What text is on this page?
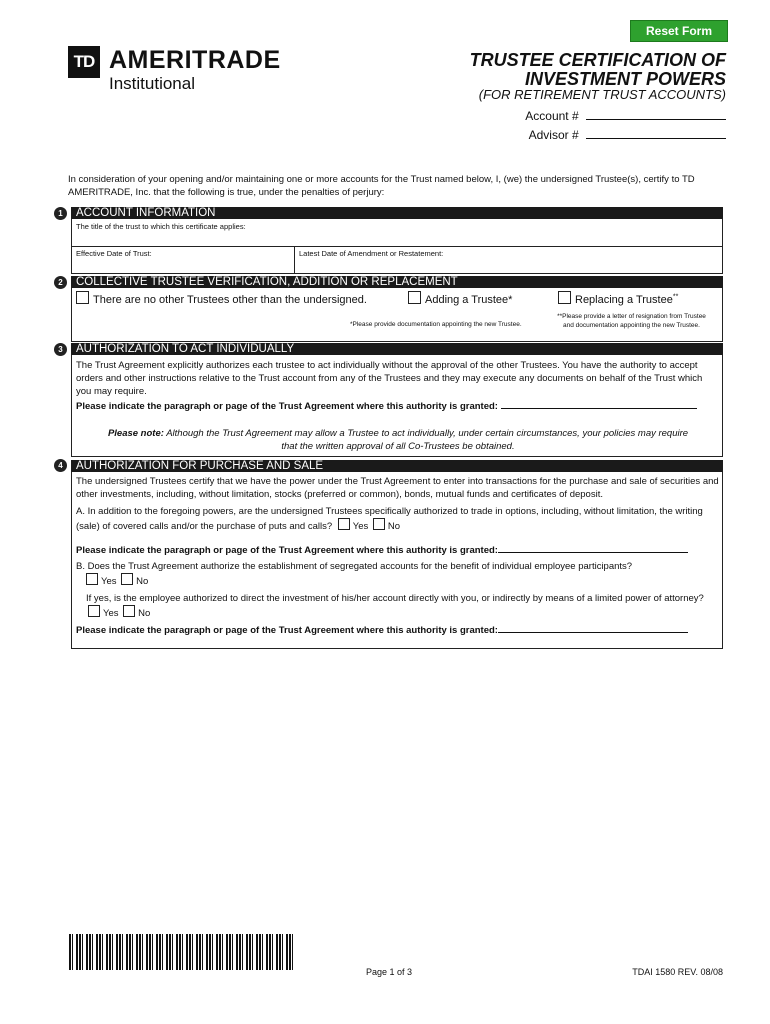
Reset Form
TD AMERITRADE
Institutional
TRUSTEE CERTIFICATION OF
INVESTMENT POWERS
(FOR RETIREMENT TRUST ACCOUNTS)
Account #
Advisor #
In consideration of your opening and/or maintaining one or more accounts for the Trust named below, I, (we) the undersigned Trustee(s), certify to TD AMERITRADE, Inc. that the following is true, under the penalties of perjury:
1	ACCOUNT INFORMATION
The title of the trust to which this certificate applies:
Effective Date of Trust:	Latest Date of Amendment or Restatement:
2	COLLECTIVE TRUSTEE VERIFICATION, ADDITION OR REPLACEMENT
There are no other Trustees other than the undersigned.	Adding a Trustee*	Replacing a Trustee**
*Please provide documentation appointing the new Trustee.
**Please provide a letter of resignation from Trustee
and documentation appointing the new Trustee.
3	AUTHORIZATION TO ACT INDIVIDUALLY
The Trust Agreement explicitly authorizes each trustee to act individually without the approval of the other Trustees. You have the authority to accept orders and other instructions relative to the Trust account from any of the Trustees and they may execute any documents on behalf of the Trust which you may require.
Please indicate the paragraph or page of the Trust Agreement where this authority is granted:
Please note: Although the Trust Agreement may allow a Trustee to act individually, under certain circumstances, your policies may require
that the written approval of all Co-Trustees be obtained.
4	AUTHORIZATION FOR PURCHASE AND SALE
The undersigned Trustees certify that we have the power under the Trust Agreement to enter into transactions for the purchase and sale of securities and other investments, including, without limitation, stocks (preferred or common), bonds, mutual funds and certificates of deposit.
A. In addition to the foregoing powers, are the undersigned Trustees specifically authorized to trade in options, including, without limitation, the writing (sale) of covered calls and/or the purchase of puts and calls? Yes No
Please indicate the paragraph or page of the Trust Agreement where this authority is granted:
B. Does the Trust Agreement authorize the establishment of segregated accounts for the benefit of individual employee participants?
Yes No
If yes, is the employee authorized to direct the investment of his/her account directly with you, or indirectly by means of a limited power of attorney? Yes No
Please indicate the paragraph or page of the Trust Agreement where this authority is granted:
Page 1 of 3	TDAI 1580 REV. 08/08
